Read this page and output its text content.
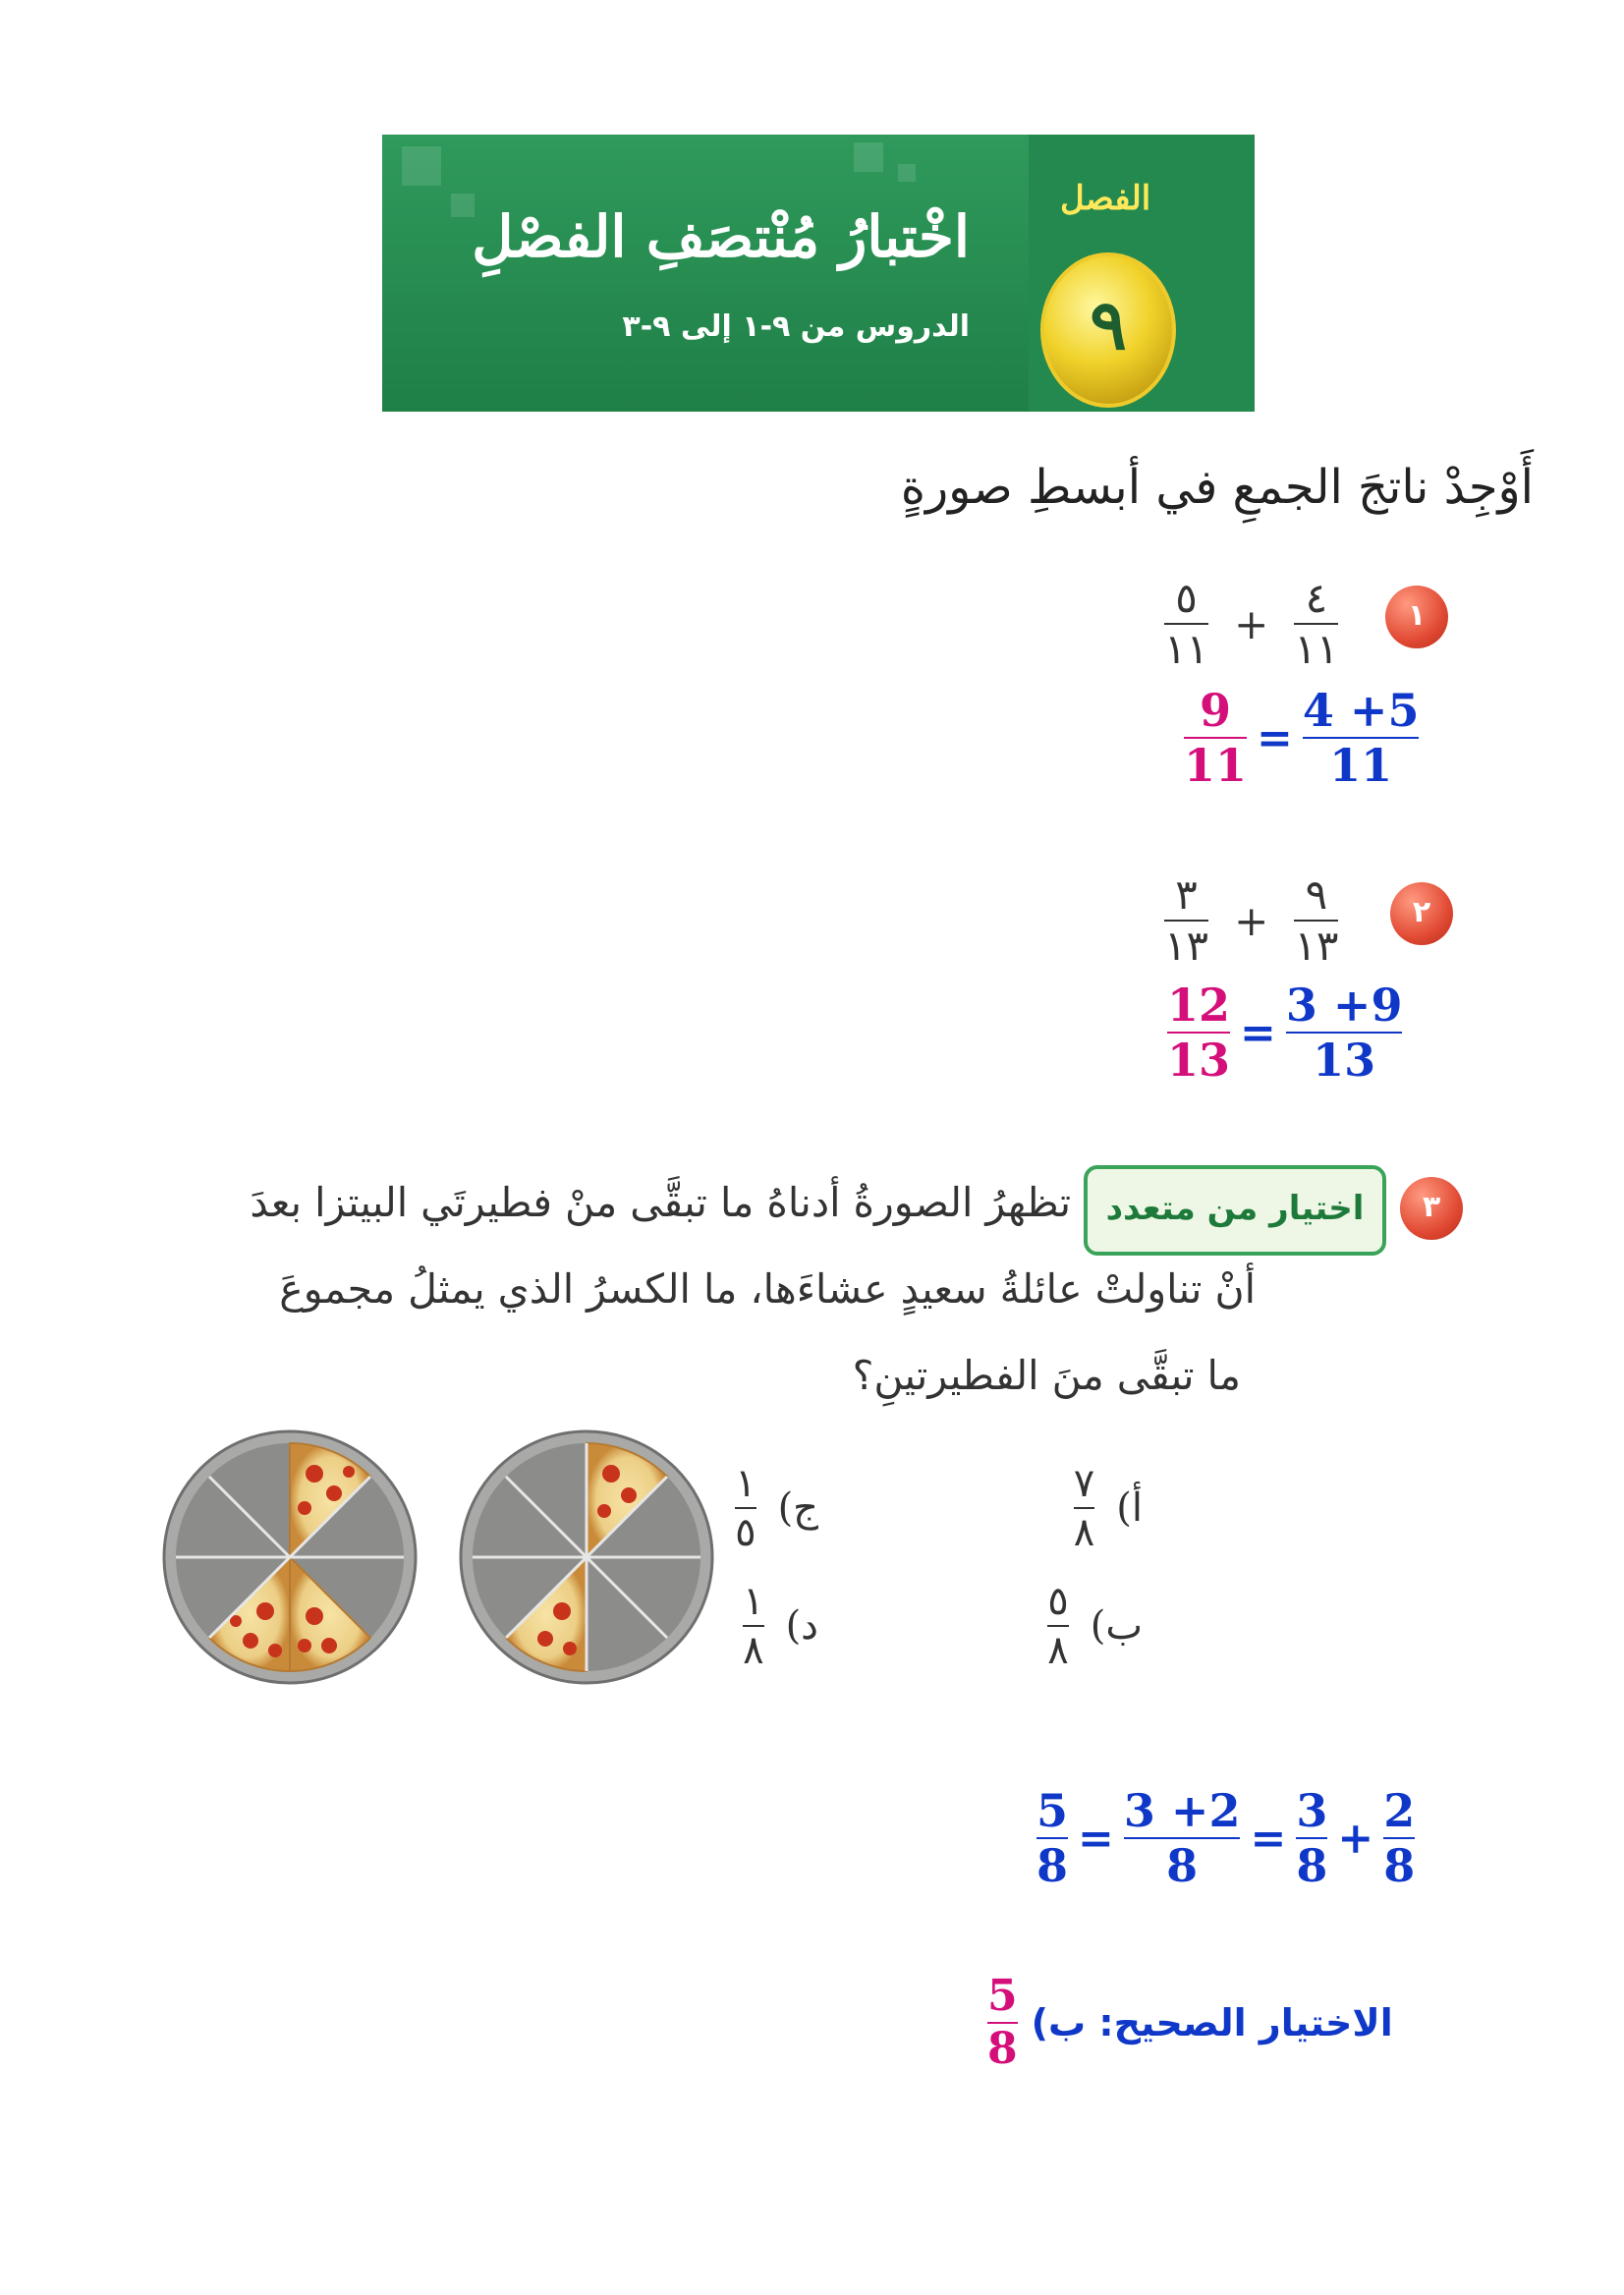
الفصل
٩
اخْتبارُ مُنْتصَفِ الفصْلِ
الدروس من ٩-١ إلى ٩-٣
أَوْجِدْ ناتجَ الجمعِ في أبسطِ صورةٍ
١
$\frac{٥}{١١} + \frac{٤}{١١}$
$\frac{9}{11} = \frac{4 +5}{11}$
٢
$\frac{٣}{١٣} + \frac{٩}{١٣}$
$\frac{12}{13} = \frac{3 +9}{13}$
٣
اختيار من متعدد
تظهرُ الصورةُ أدناهُ ما تبقَّى منْ فطيرتَي البيتزا بعدَ
أنْ تناولتْ عائلةُ سعيدٍ عشاءَها، ما الكسرُ الذي يمثلُ مجموعَ
ما تبقَّى منَ الفطيرتينِ؟
أ)
$\frac{٧}{٨}$
ب)
$\frac{٥}{٨}$
ج)
$\frac{١}{٥}$
د)
$\frac{١}{٨}$
$\frac{5}{8} = \frac{3 +2}{8} = \frac{3}{8} + \frac{2}{8}$
$\frac{5}{8}$ الاختيار الصحيح: ب)
